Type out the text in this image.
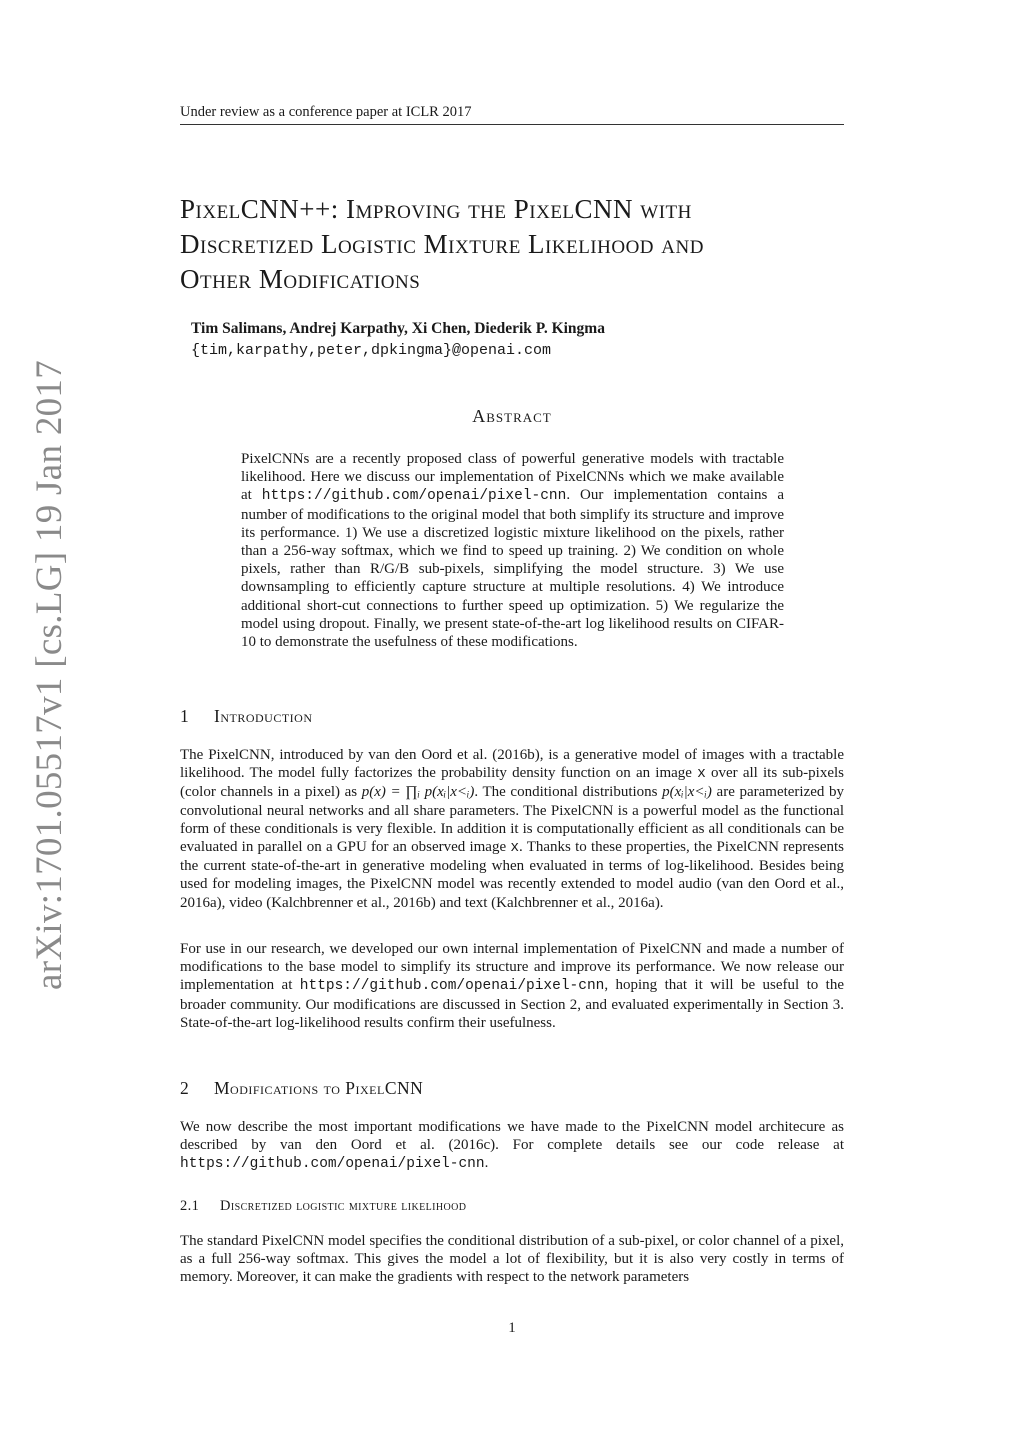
Under review as a conference paper at ICLR 2017
PixelCNN++: Improving the PixelCNN with
Discretized Logistic Mixture Likelihood and
Other Modifications
Tim Salimans, Andrej Karpathy, Xi Chen, Diederik P. Kingma
{tim,karpathy,peter,dpkingma}@openai.com
arXiv:1701.05517v1 [cs.LG] 19 Jan 2017	Abstract
PixelCNNs are a recently proposed class of powerful generative models with tractable likelihood. Here we discuss our implementation of PixelCNNs which we make available at https://github.com/openai/pixel-cnn. Our implementation contains a number of modifications to the original model that both simplify its structure and improve its performance. 1) We use a discretized logistic mixture likelihood on the pixels, rather than a 256-way softmax, which we find to speed up training. 2) We condition on whole pixels, rather than R/G/B sub-pixels, simplifying the model structure. 3) We use downsampling to efficiently capture structure at multiple resolutions. 4) We introduce additional short-cut connections to further speed up optimization. 5) We regularize the model using dropout. Finally, we present state-of-the-art log likelihood results on CIFAR-10 to demonstrate the usefulness of these modifications.
1 Introduction
The PixelCNN, introduced by van den Oord et al. (2016b), is a generative model of images with a tractable likelihood. The model fully factorizes the probability density function on an image x over all its sub-pixels (color channels in a pixel) as p(x) = ∏ᵢ p(xᵢ|x<ᵢ). The conditional distributions p(xᵢ|x<ᵢ) are parameterized by convolutional neural networks and all share parameters. The PixelCNN is a powerful model as the functional form of these conditionals is very flexible. In addition it is computationally efficient as all conditionals can be evaluated in parallel on a GPU for an observed image x. Thanks to these properties, the PixelCNN represents the current state-of-the-art in generative modeling when evaluated in terms of log-likelihood. Besides being used for modeling images, the PixelCNN model was recently extended to model audio (van den Oord et al., 2016a), video (Kalchbrenner et al., 2016b) and text (Kalchbrenner et al., 2016a).
For use in our research, we developed our own internal implementation of PixelCNN and made a number of modifications to the base model to simplify its structure and improve its performance. We now release our implementation at https://github.com/openai/pixel-cnn, hoping that it will be useful to the broader community. Our modifications are discussed in Section 2, and evaluated experimentally in Section 3. State-of-the-art log-likelihood results confirm their usefulness.
2 Modifications to PixelCNN
We now describe the most important modifications we have made to the PixelCNN model architecure as described by van den Oord et al. (2016c). For complete details see our code release at https://github.com/openai/pixel-cnn.
2.1 Discretized logistic mixture likelihood
The standard PixelCNN model specifies the conditional distribution of a sub-pixel, or color channel of a pixel, as a full 256-way softmax. This gives the model a lot of flexibility, but it is also very costly in terms of memory. Moreover, it can make the gradients with respect to the network parameters
1
